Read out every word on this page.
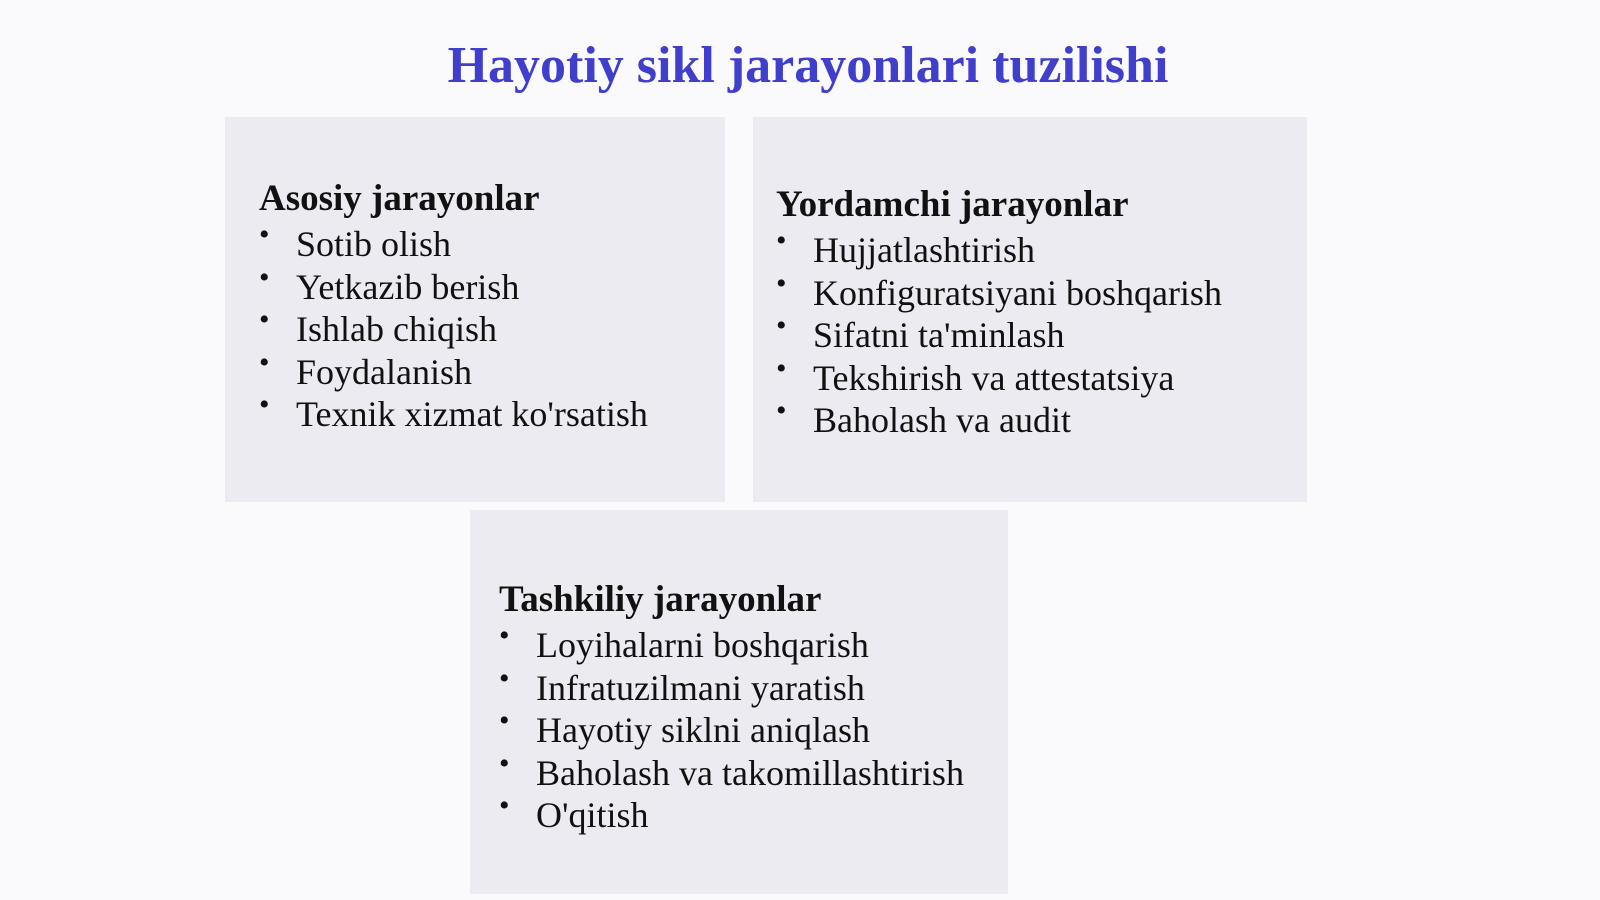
Hayotiy sikl jarayonlari tuzilishi
Asosiy jarayonlar
• Sotib olish
• Yetkazib berish
• Ishlab chiqish
• Foydalanish
• Texnik xizmat ko'rsatish
Yordamchi jarayonlar
• Hujjatlashtirish
• Konfiguratsiyani boshqarish
• Sifatni ta'minlash
• Tekshirish va attestatsiya
• Baholash va audit
Tashkiliy jarayonlar
• Loyihalarni boshqarish
• Infratuzilmani yaratish
• Hayotiy siklni aniqlash
• Baholash va takomillashtirish
• O'qitish
